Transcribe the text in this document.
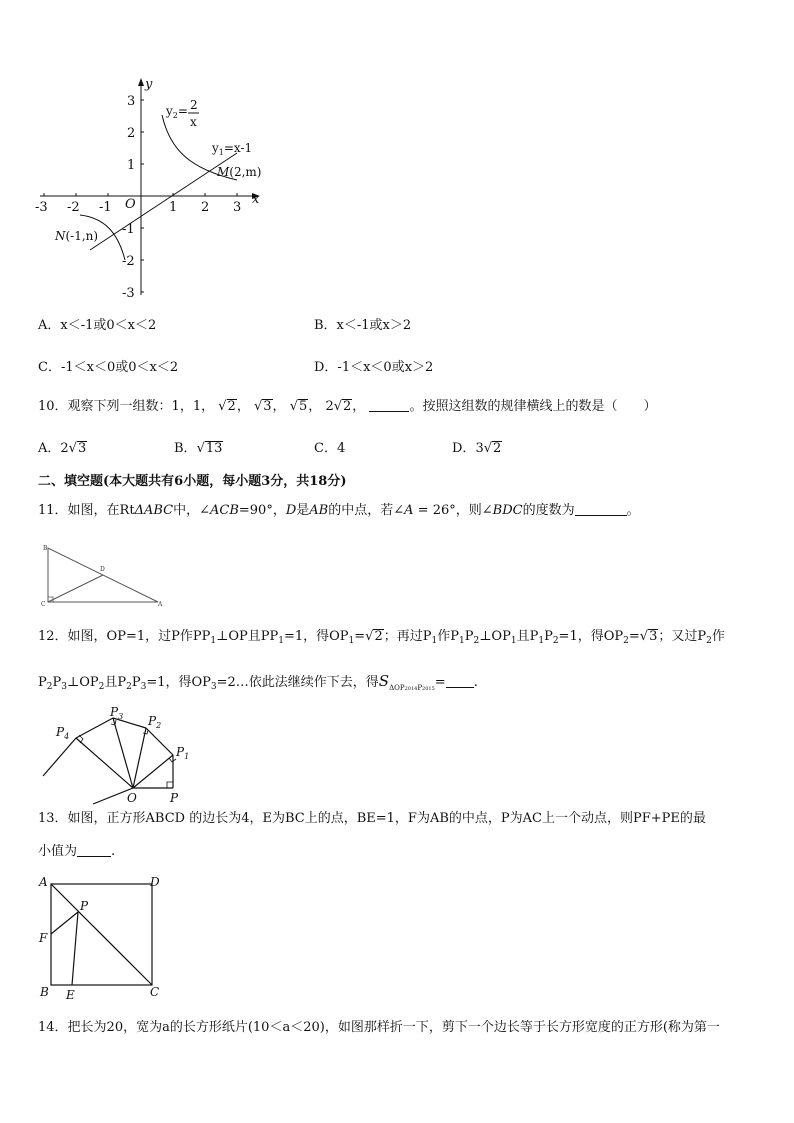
3
2
1
-1
-2
-3
-3 -2 -1	1 2 3
O	x
y
$y_2= 2$
x
$y_1=x-1$
M(2,m)
N(-1,n)
A．x＜-1或0＜x＜2	B．x＜-1或x＞2
C．-1＜x＜0或0＜x＜2	D．-1＜x＜0或x＞2
10．观察下列一组数：1，1， √2， √3， √5， 2√2，	。按照这组数的规律横线上的数是（　　）
A．2√3	B．√13	C．4	D．3√2
二、填空题(本大题共有6小题，每小题3分，共18分)
11．如图，在RtΔABC中，∠ACB=90°，D是AB的中点，若∠A = 26°，则∠BDC的度数为	。
B
D
C	A
12．如图，OP=1，过P作$PP_1\perp OP$且$PP_1=1$，得$OP_1=√2$；再过$P_1$作$P_1P_2\perp OP_1$且$P_1P_2=1$，得$OP_2=√3$；又过$P_2$作
$P_2P_3\perp OP_2$且$P_2P_3=1$，得$OP_3=2\dots$依此法继续作下去，得$S_{\Delta OP2014P2015}=$ .
$P_4$
$P_3$ $P_2$
$P_1$
O	P
13．如图，正方形ABCD 的边长为4，E为BC上的点，BE=1，F为AB的中点，P为AC上一个动点，则PF+PE的最
小值为	.
A	D
P
F
B E	C
14．把长为20，宽为a的长方形纸片(10＜a＜20)，如图那样折一下，剪下一个边长等于长方形宽度的正方形(称为第一
